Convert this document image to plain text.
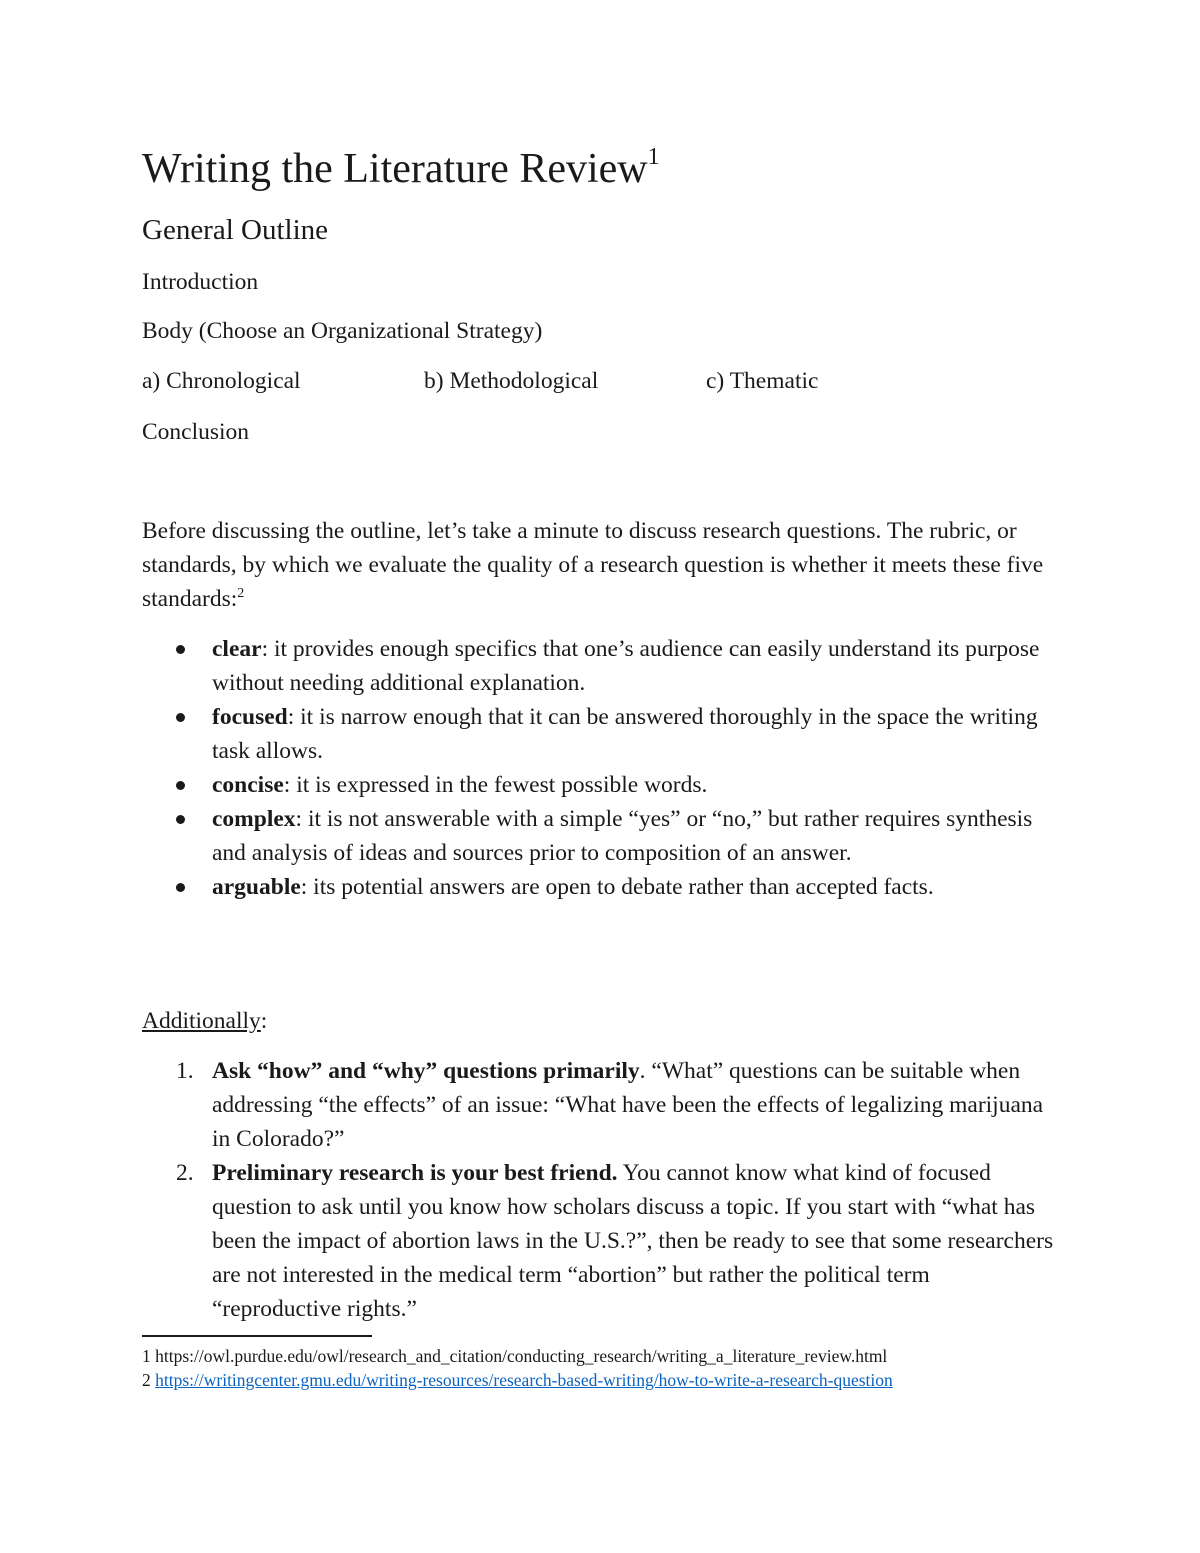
Writing the Literature Review$^1$
General Outline
Introduction
Body (Choose an Organizational Strategy)
a) Chronological	b) Methodological	c) Thematic
Conclusion
Before discussing the outline, let’s take a minute to discuss research questions. The rubric, or standards, by which we evaluate the quality of a research question is whether it meets these five standards:$^2$
clear: it provides enough specifics that one’s audience can easily understand its purpose without needing additional explanation.
focused: it is narrow enough that it can be answered thoroughly in the space the writing task allows.
concise: it is expressed in the fewest possible words.
complex: it is not answerable with a simple “yes” or “no,” but rather requires synthesis and analysis of ideas and sources prior to composition of an answer.
arguable: its potential answers are open to debate rather than accepted facts.
Additionally:
1. Ask “how” and “why” questions primarily. “What” questions can be suitable when addressing “the effects” of an issue: “What have been the effects of legalizing marijuana in Colorado?”
2. Preliminary research is your best friend. You cannot know what kind of focused question to ask until you know how scholars discuss a topic. If you start with “what has been the impact of abortion laws in the U.S.?”, then be ready to see that some researchers are not interested in the medical term “abortion” but rather the political term “reproductive rights.”
1 https://owl.purdue.edu/owl/research_and_citation/conducting_research/writing_a_literature_review.html
2 https://writingcenter.gmu.edu/writing-resources/research-based-writing/how-to-write-a-research-question
